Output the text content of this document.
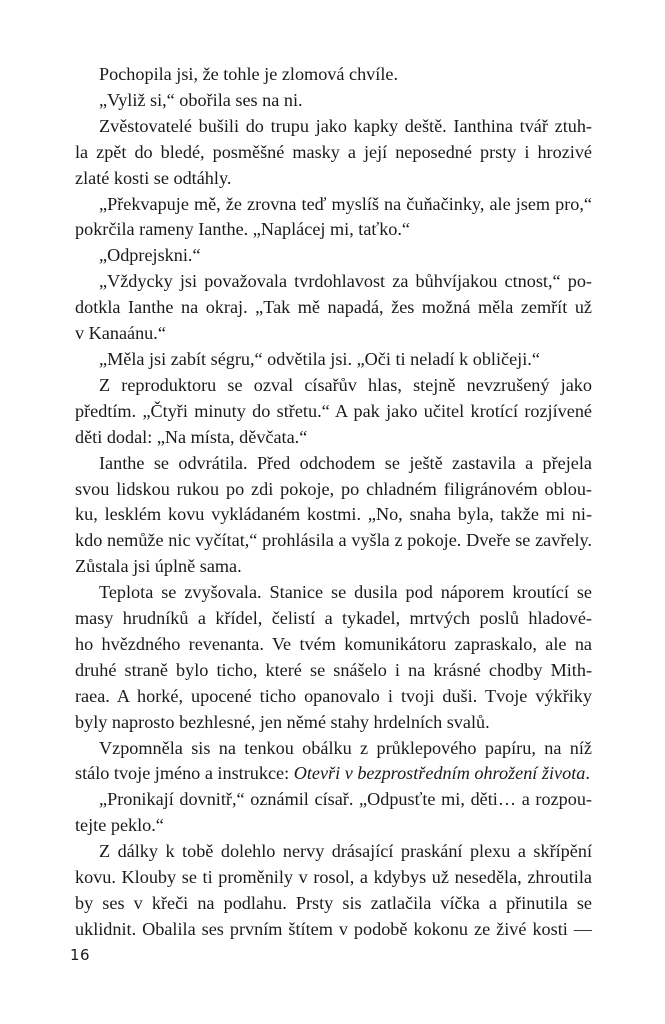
Pochopila jsi, že tohle je zlomová chvíle.

„Vyliž si,“ obořila ses na ni.

Zvěstovatelé bušili do trupu jako kapky deště. Ianthina tvář ztuh-
la zpět do bledé, posměšné masky a její neposedné prsty i hrozivé
zlaté kosti se odtáhly.

„Překvapuje mě, že zrovna teď myslíš na čuňačinky, ale jsem pro,“
pokrčila rameny Ianthe. „Naplácej mi, taťko.“

„Odprejskni.“

„Vždycky jsi považovala tvrdohlavost za bůhvíjakou ctnost,“ po-
dotkla Ianthe na okraj. „Tak mě napadá, žes možná měla zemřít už
v Kanaánu.“

„Měla jsi zabít ségru,“ odvětila jsi. „Oči ti neladí k obličeji.“

Z reproduktoru se ozval císařův hlas, stejně nevzrušený jako
předtím. „Čtyři minuty do střetu.“ A pak jako učitel krotící rozjívené
děti dodal: „Na místa, děvčata.“

Ianthe se odvrátila. Před odchodem se ještě zastavila a přejela
svou lidskou rukou po zdi pokoje, po chladném filigránovém oblou-
ku, lesklém kovu vykládaném kostmi. „No, snaha byla, takže mi ni-
kdo nemůže nic vyčítat,“ prohlásila a vyšla z pokoje. Dveře se zavřely.
Zůstala jsi úplně sama.

Teplota se zvyšovala. Stanice se dusila pod náporem kroutící se
masy hrudníků a křídel, čelistí a tykadel, mrtvých poslů hladové-
ho hvězdného revenanta. Ve tvém komunikátoru zapraskalo, ale na
druhé straně bylo ticho, které se snášelo i na krásné chodby Mith-
raea. A horké, upocené ticho opanovalo i tvoji duši. Tvoje výkřiky
byly naprosto bezhlesné, jen němé stahy hrdelních svalů.

Vzpomněla sis na tenkou obálku z průklepového papíru, na níž
stálo tvoje jméno a instrukce: Otevři v bezprostředním ohrožení života.

„Pronikají dovnitř,“ oznámil císař. „Odpusťte mi, děti… a rozpou-
tejte peklo.“

Z dálky k tobě dolehlo nervy drásající praskání plexu a skřípění
kovu. Klouby se ti proměnily v rosol, a kdybys už neseděla, zhroutila
by ses v křeči na podlahu. Prsty sis zatlačila víčka a přinutila se
uklidnit. Obalila ses prvním štítem v podobě kokonu ze živé kosti —

16
